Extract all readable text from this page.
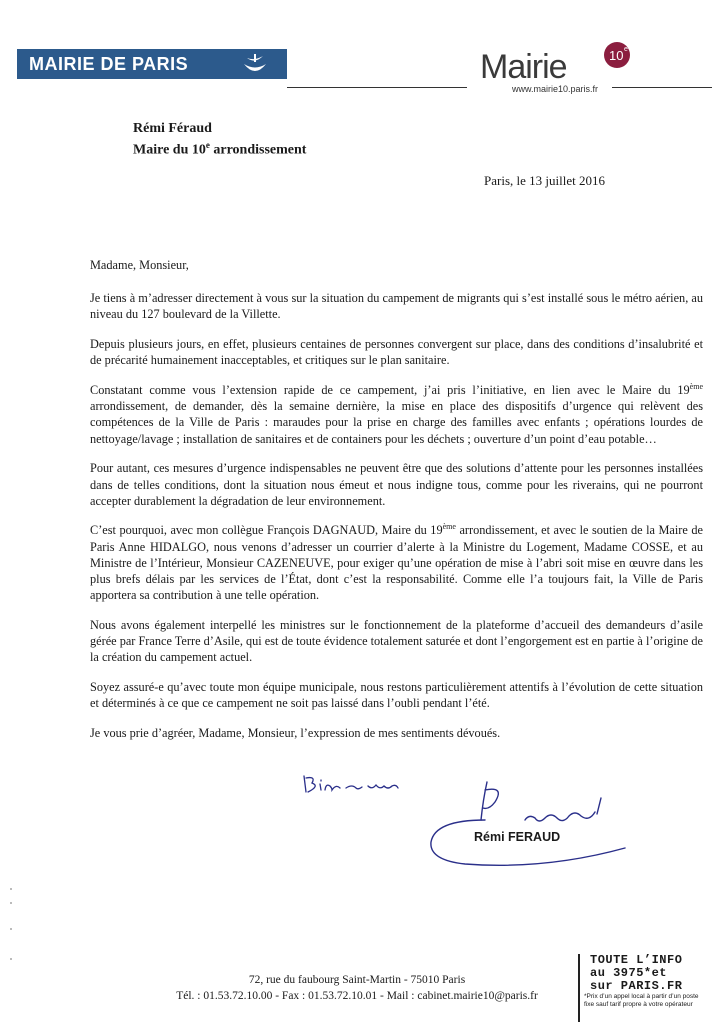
MAIRIE DE PARIS	Mairie	10 e
www.mairie10.paris.fr
Rémi Féraud
Maire du 10e arrondissement
Paris, le 13 juillet 2016

Madame, Monsieur,

Je tiens à m’adresser directement à vous sur la situation du campement de migrants qui s’est installé sous le métro aérien, au niveau du 127 boulevard de la Villette.

Depuis plusieurs jours, en effet, plusieurs centaines de personnes convergent sur place, dans des conditions d’insalubrité et de précarité humainement inacceptables, et critiques sur le plan sanitaire.

Constatant comme vous l’extension rapide de ce campement, j’ai pris l’initiative, en lien avec le Maire du 19ème arrondissement, de demander, dès la semaine dernière, la mise en place des dispositifs d’urgence qui relèvent des compétences de la Ville de Paris : maraudes pour la prise en charge des familles avec enfants ; opérations lourdes de nettoyage/lavage ; installation de sanitaires et de containers pour les déchets ; ouverture d’un point d’eau potable…

Pour autant, ces mesures d’urgence indispensables ne peuvent être que des solutions d’attente pour les personnes installées dans de telles conditions, dont la situation nous émeut et nous indigne tous, comme pour les riverains, qui ne pourront accepter durablement la dégradation de leur environnement.

C’est pourquoi, avec mon collègue François DAGNAUD, Maire du 19ème arrondissement, et avec le soutien de la Maire de Paris Anne HIDALGO, nous venons d’adresser un courrier d’alerte à la Ministre du Logement, Madame COSSE, et au Ministre de l’Intérieur, Monsieur CAZENEUVE, pour exiger qu’une opération de mise à l’abri soit mise en œuvre dans les plus brefs délais par les services de l’État, dont c’est la responsabilité. Comme elle l’a toujours fait, la Ville de Paris apportera sa contribution à une telle opération.

Nous avons également interpellé les ministres sur le fonctionnement de la plateforme d’accueil des demandeurs d’asile gérée par France Terre d’Asile, qui est de toute évidence totalement saturée et dont l’engorgement est en partie à l’origine de la création du campement actuel.

Soyez assuré-e qu’avec toute mon équipe municipale, nous restons particulièrement attentifs à l’évolution de cette situation et déterminés à ce que ce campement ne soit pas laissé dans l’oubli pendant l’été.

Je vous prie d’agréer, Madame, Monsieur, l’expression de mes sentiments dévoués.

Rémi FERAUD
72, rue du faubourg Saint-Martin - 75010 Paris
Tél. : 01.53.72.10.00 - Fax : 01.53.72.10.01 - Mail : cabinet.mairie10@paris.fr
TOUTE L’INFO
au 3975*et
sur PARIS.FR
*Prix d’un appel local à partir d’un poste
fixe sauf tarif propre à votre opérateur
